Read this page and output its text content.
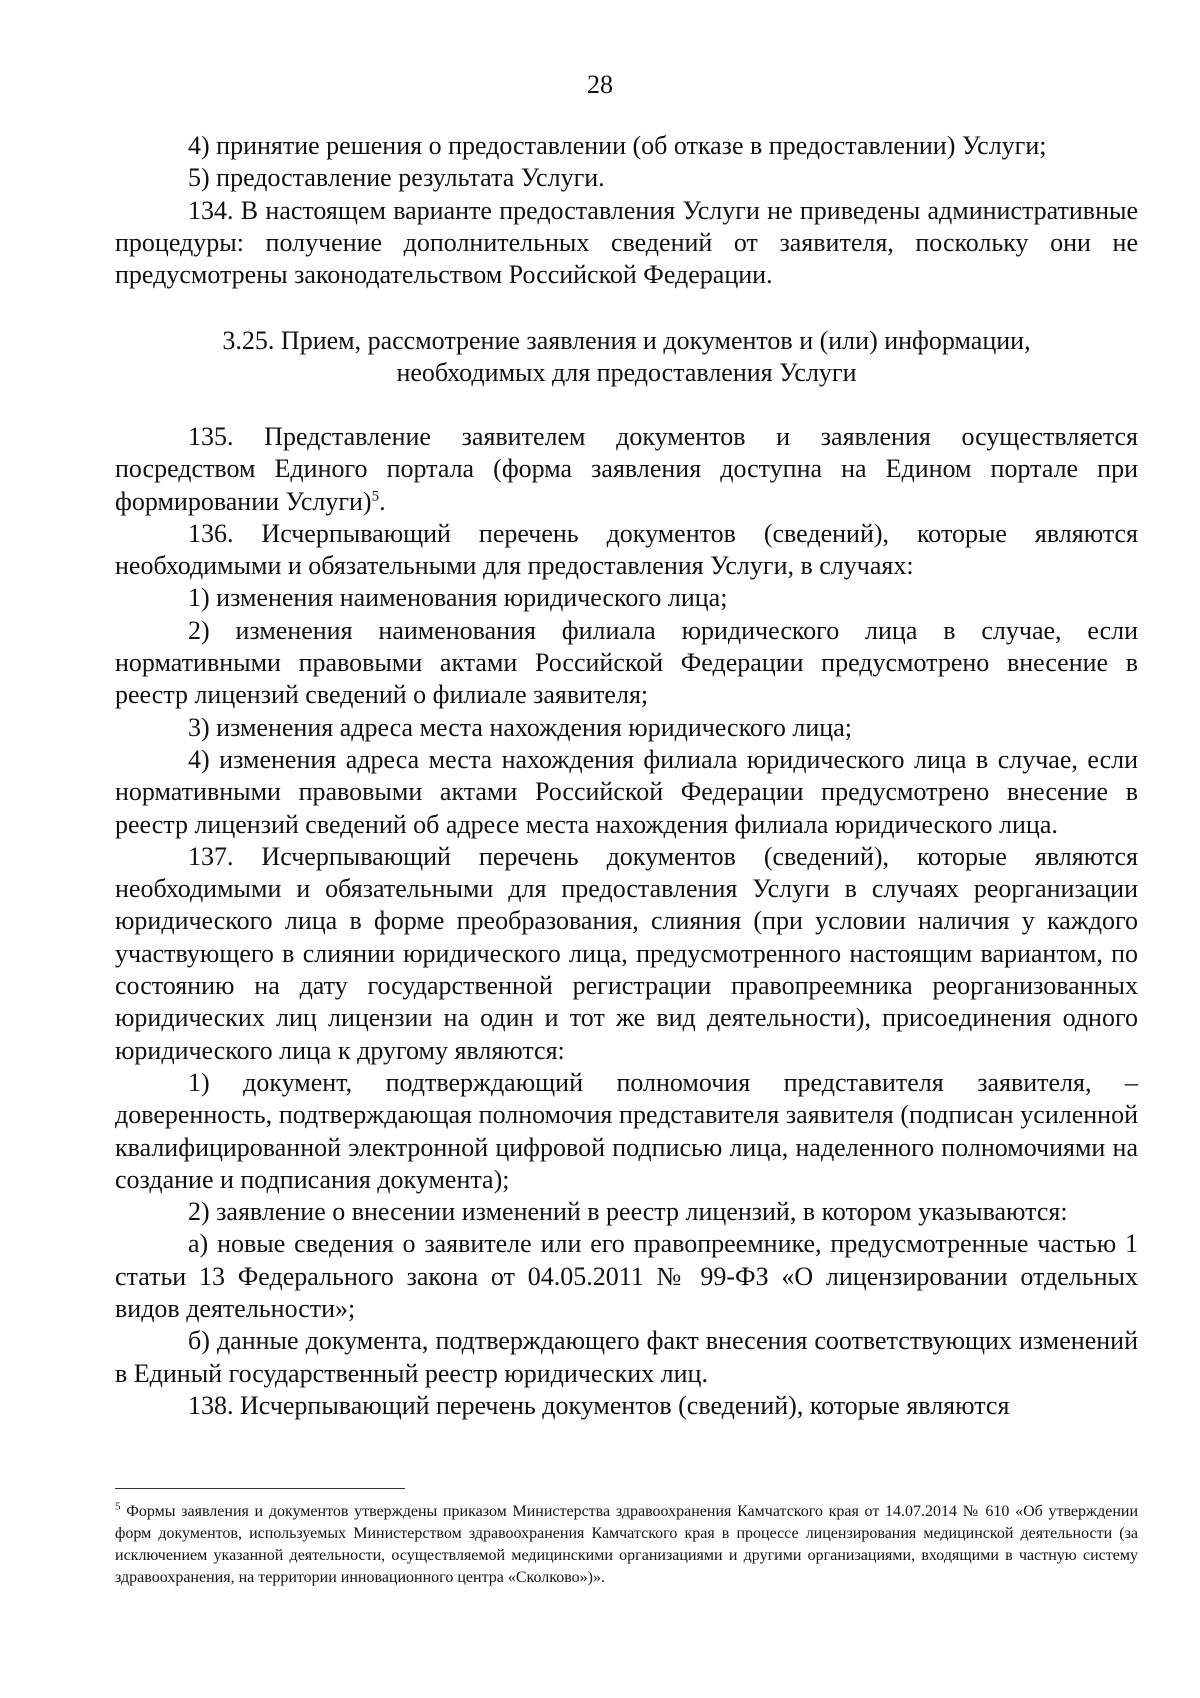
28

4) принятие решения о предоставлении (об отказе в предоставлении) Услуги;

5) предоставление результата Услуги.

134. В настоящем варианте предоставления Услуги не приведены административные процедуры: получение дополнительных сведений от заявителя, поскольку они не предусмотрены законодательством Российской Федерации.

3.25. Прием, рассмотрение заявления и документов и (или) информации,
необходимых для предоставления Услуги

135. Представление заявителем документов и заявления осуществляется посредством Единого портала (форма заявления доступна на Едином портале при формировании Услуги)$^5$.

136. Исчерпывающий перечень документов (сведений), которые являются необходимыми и обязательными для предоставления Услуги, в случаях:

1) изменения наименования юридического лица;

2) изменения наименования филиала юридического лица в случае, если нормативными правовыми актами Российской Федерации предусмотрено внесение в реестр лицензий сведений о филиале заявителя;

3) изменения адреса места нахождения юридического лица;

4) изменения адреса места нахождения филиала юридического лица в случае, если нормативными правовыми актами Российской Федерации предусмотрено внесение в реестр лицензий сведений об адресе места нахождения филиала юридического лица.

137. Исчерпывающий перечень документов (сведений), которые являются необходимыми и обязательными для предоставления Услуги в случаях реорганизации юридического лица в форме преобразования, слияния (при условии наличия у каждого участвующего в слиянии юридического лица, предусмотренного настоящим вариантом, по состоянию на дату государственной регистрации правопреемника реорганизованных юридических лиц лицензии на один и тот же вид деятельности), присоединения одного юридического лица к другому являются:

1) документ, подтверждающий полномочия представителя заявителя, – доверенность, подтверждающая полномочия представителя заявителя (подписан усиленной квалифицированной электронной цифровой подписью лица, наделенного полномочиями на создание и подписания документа);

2) заявление о внесении изменений в реестр лицензий, в котором указываются:

а) новые сведения о заявителе или его правопреемнике, предусмотренные частью 1 статьи 13 Федерального закона от 04.05.2011 № 99-ФЗ «О лицензировании отдельных видов деятельности»;

б) данные документа, подтверждающего факт внесения соответствующих изменений в Единый государственный реестр юридических лиц.

138. Исчерпывающий перечень документов (сведений), которые являются

$^5$ Формы заявления и документов утверждены приказом Министерства здравоохранения Камчатского края от 14.07.2014 № 610 «Об утверждении форм документов, используемых Министерством здравоохранения Камчатского края в процессе лицензирования медицинской деятельности (за исключением указанной деятельности, осуществляемой медицинскими организациями и другими организациями, входящими в частную систему здравоохранения, на территории инновационного центра «Сколково»)».
